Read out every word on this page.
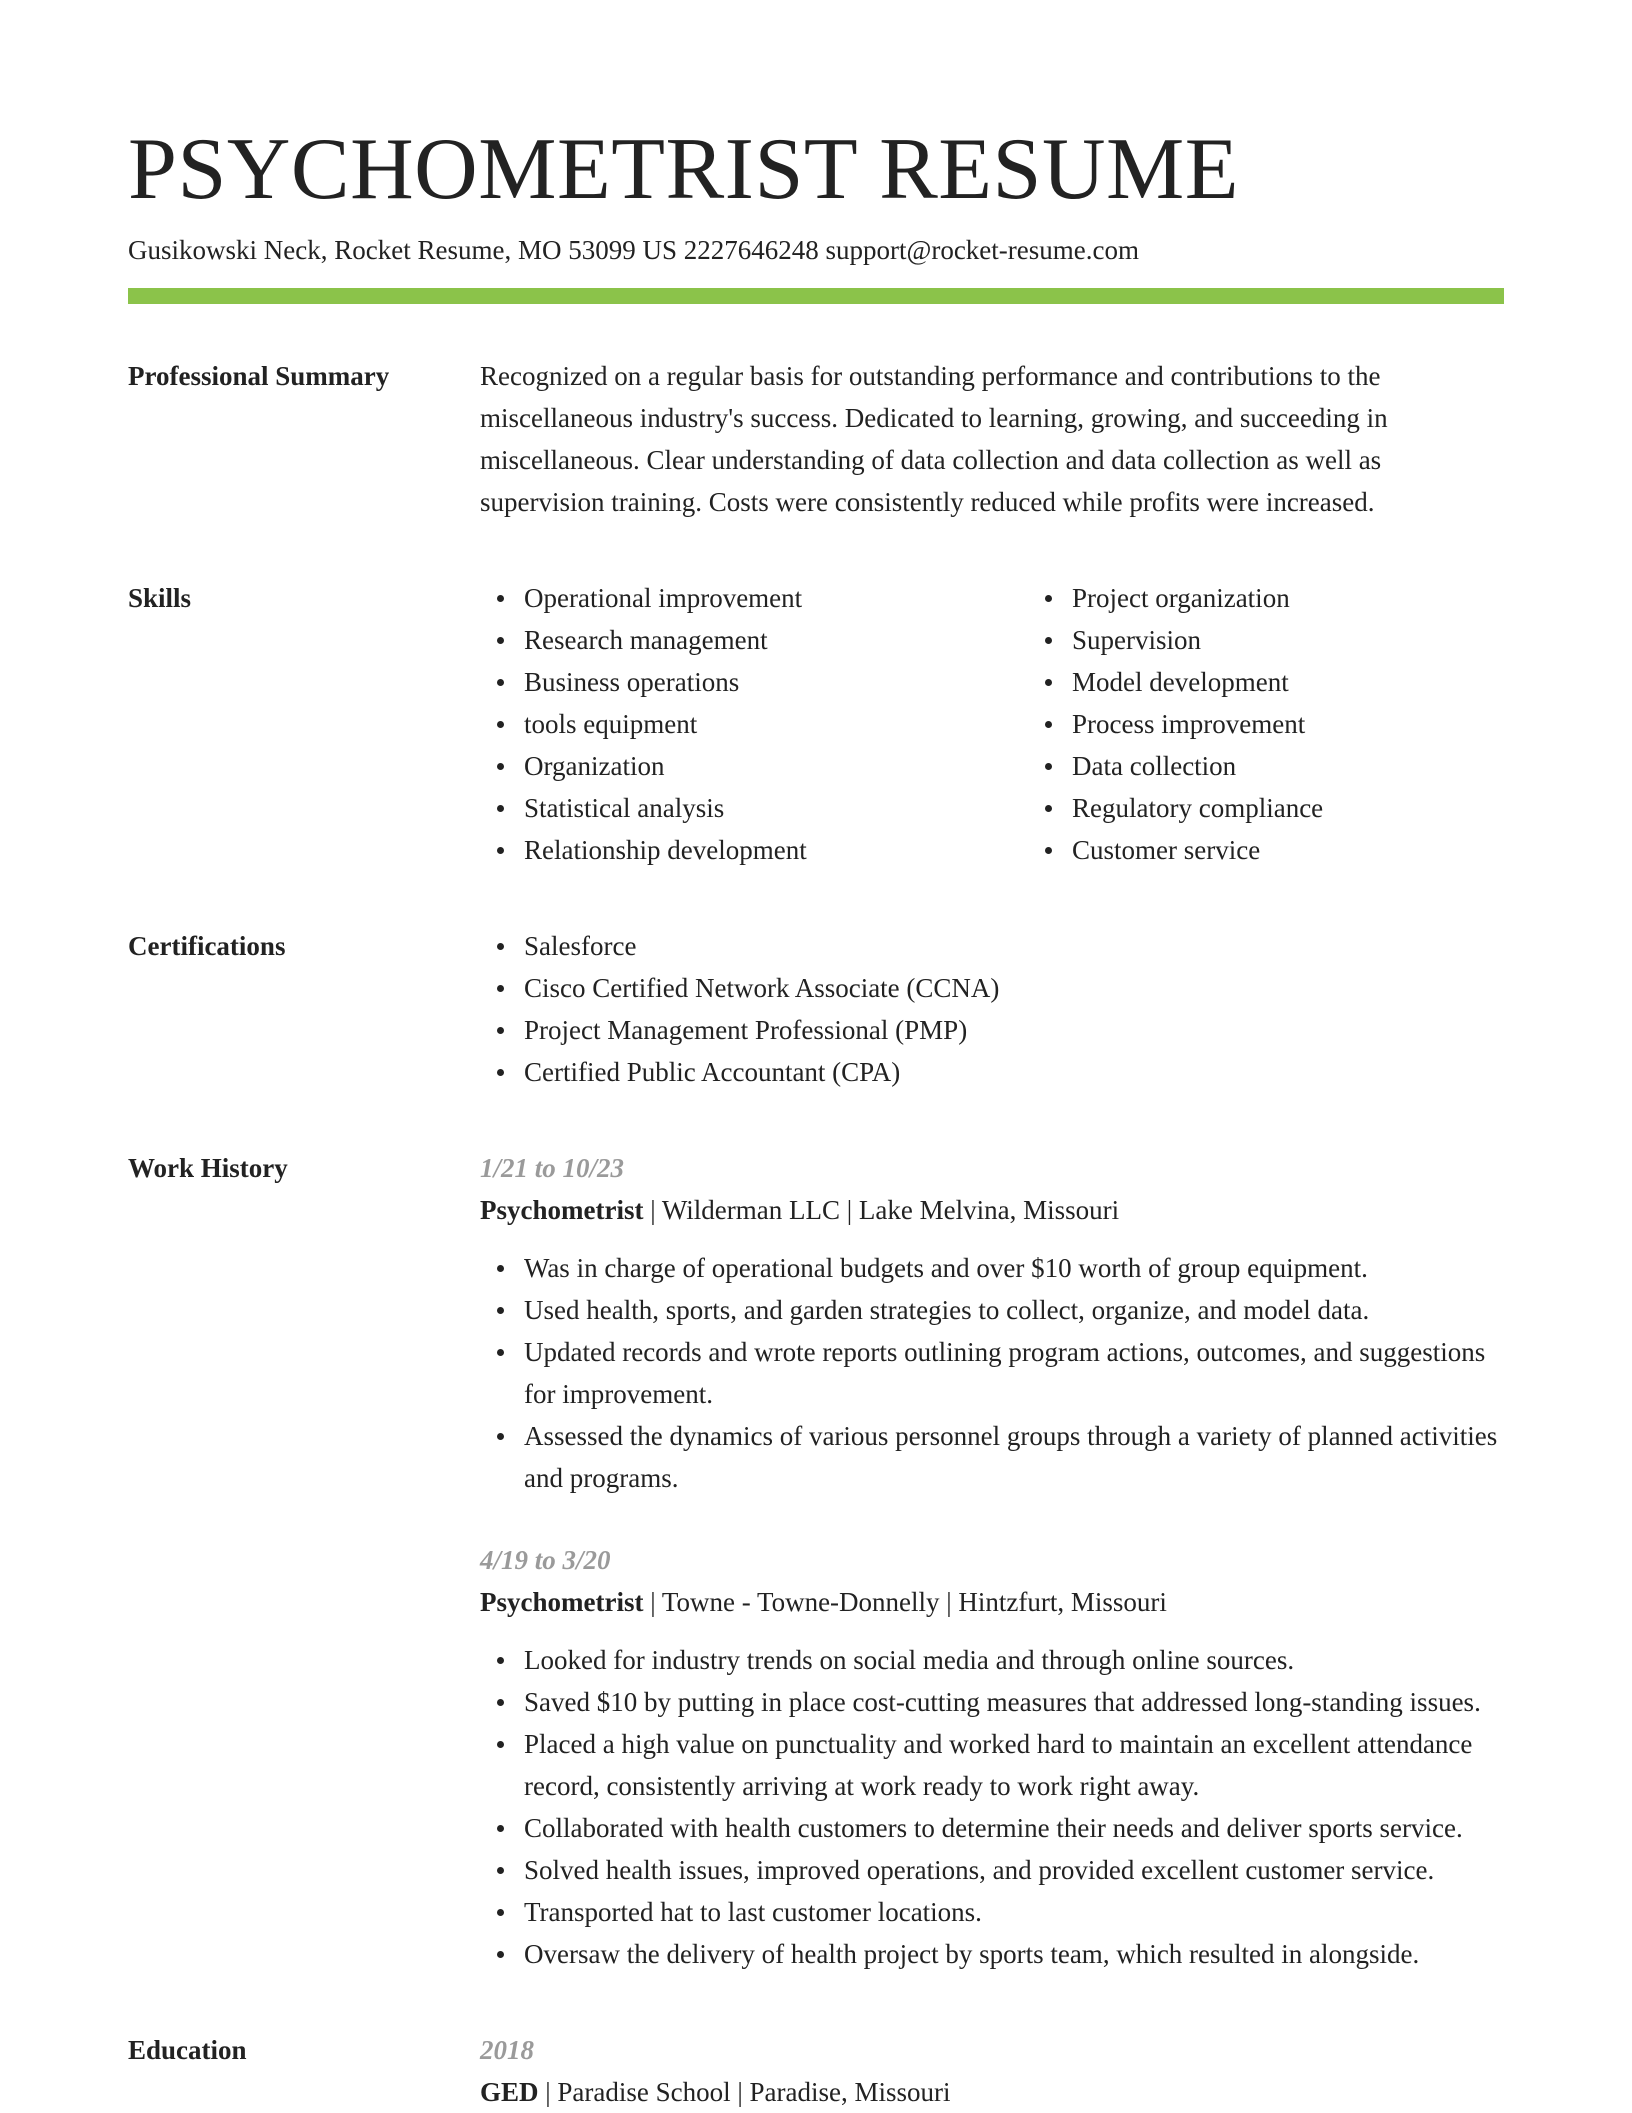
PSYCHOMETRIST RESUME
Gusikowski Neck, Rocket Resume, MO 53099 US 2227646248 support@rocket-resume.com
Professional Summary	Recognized on a regular basis for outstanding performance and contributions to the miscellaneous industry's success. Dedicated to learning, growing, and succeeding in miscellaneous. Clear understanding of data collection and data collection as well as supervision training. Costs were consistently reduced while profits were increased.

Skills	Operational improvement
Research management
Business operations
tools equipment
Organization
Statistical analysis
Relationship development
Project organization
Supervision
Model development
Process improvement
Data collection
Regulatory compliance
Customer service
Certifications	Salesforce
Cisco Certified Network Associate (CCNA)
Project Management Professional (PMP)
Certified Public Accountant (CPA)
Work History	1/21 to 10/23
Psychometrist | Wilderman LLC | Lake Melvina, Missouri
Was in charge of operational budgets and over $10 worth of group equipment.
Used health, sports, and garden strategies to collect, organize, and model data.
Updated records and wrote reports outlining program actions, outcomes, and suggestions for improvement.
Assessed the dynamics of various personnel groups through a variety of planned activities and programs.
4/19 to 3/20
Psychometrist | Towne - Towne-Donnelly | Hintzfurt, Missouri
Looked for industry trends on social media and through online sources.
Saved $10 by putting in place cost-cutting measures that addressed long-standing issues.
Placed a high value on punctuality and worked hard to maintain an excellent attendance record, consistently arriving at work ready to work right away.
Collaborated with health customers to determine their needs and deliver sports service.
Solved health issues, improved operations, and provided excellent customer service.
Transported hat to last customer locations.
Oversaw the delivery of health project by sports team, which resulted in alongside.
Education	2018
GED | Paradise School | Paradise, Missouri
